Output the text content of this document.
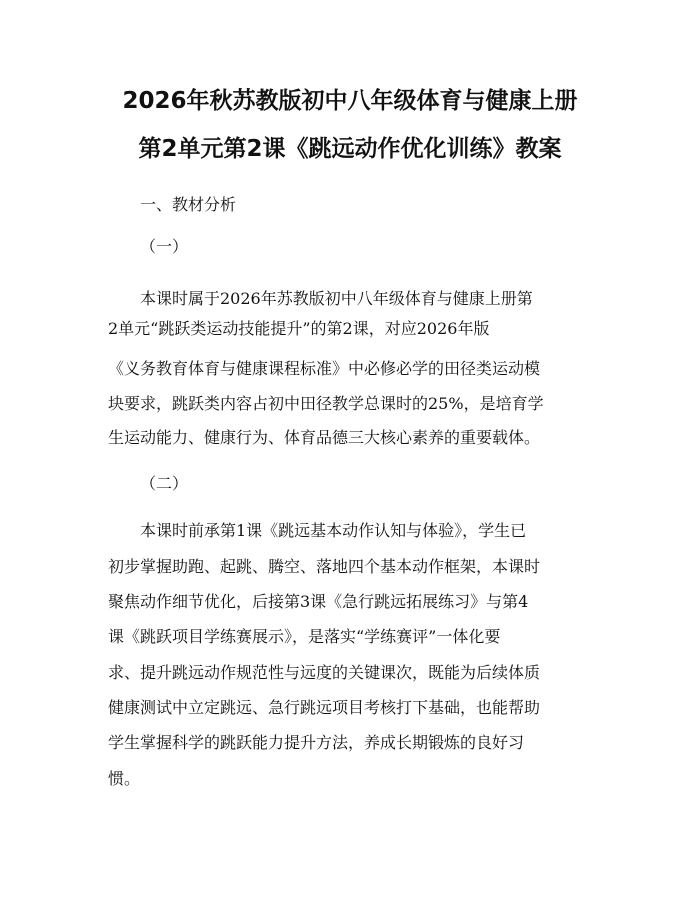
2026年秋苏教版初中八年级体育与健康上册
第2单元第2课《跳远动作优化训练》教案
一、教材分析
（一）
本课时属于2026年苏教版初中八年级体育与健康上册第
2单元“跳跃类运动技能提升”的第2课，对应2026年版
《义务教育体育与健康课程标准》中必修必学的田径类运动模
块要求，跳跃类内容占初中田径教学总课时的25%，是培育学
生运动能力、健康行为、体育品德三大核心素养的重要载体。
（二）
本课时前承第1课《跳远基本动作认知与体验》，学生已
初步掌握助跑、起跳、腾空、落地四个基本动作框架，本课时
聚焦动作细节优化，后接第3课《急行跳远拓展练习》与第4
课《跳跃项目学练赛展示》，是落实“学练赛评”一体化要
求、提升跳远动作规范性与远度的关键课次，既能为后续体质
健康测试中立定跳远、急行跳远项目考核打下基础，也能帮助
学生掌握科学的跳跃能力提升方法，养成长期锻炼的良好习
惯。
